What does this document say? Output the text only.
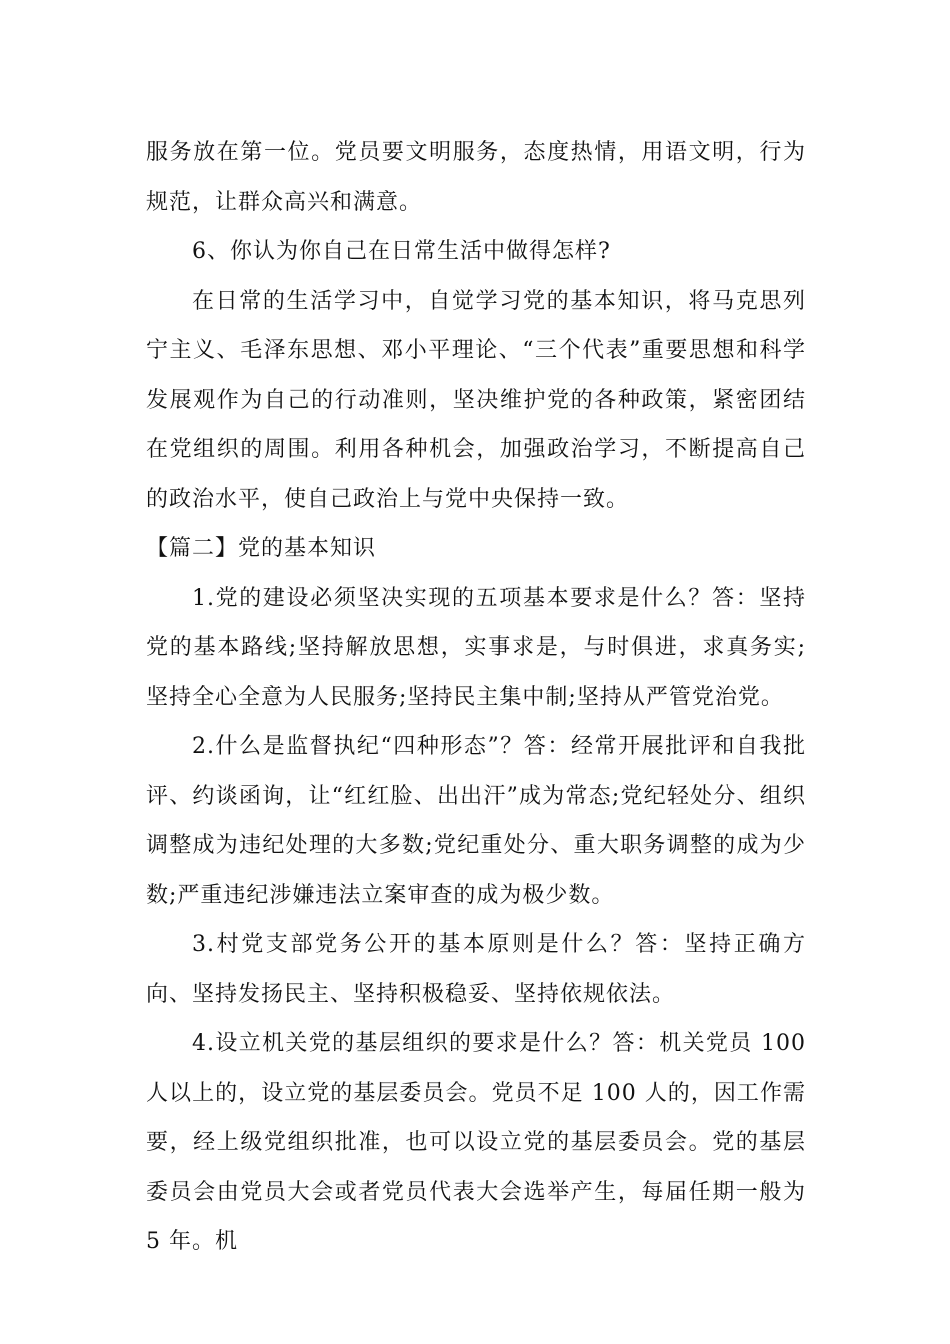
服务放在第一位。党员要文明服务，态度热情，用语文明，行为规范，让群众高兴和满意。

6、你认为你自己在日常生活中做得怎样?

在日常的生活学习中，自觉学习党的基本知识，将马克思列宁主义、毛泽东思想、邓小平理论、“三个代表”重要思想和科学发展观作为自己的行动准则，坚决维护党的各种政策，紧密团结在党组织的周围。利用各种机会，加强政治学习，不断提高自己的政治水平，使自己政治上与党中央保持一致。

【篇二】党的基本知识

1.党的建设必须坚决实现的五项基本要求是什么？答：坚持党的基本路线;坚持解放思想，实事求是，与时俱进，求真务实;坚持全心全意为人民服务;坚持民主集中制;坚持从严管党治党。

2.什么是监督执纪“四种形态”？答：经常开展批评和自我批评、约谈函询，让“红红脸、出出汗”成为常态;党纪轻处分、组织调整成为违纪处理的大多数;党纪重处分、重大职务调整的成为少数;严重违纪涉嫌违法立案审查的成为极少数。

3.村党支部党务公开的基本原则是什么？答：坚持正确方向、坚持发扬民主、坚持积极稳妥、坚持依规依法。

4.设立机关党的基层组织的要求是什么？答：机关党员 100 人以上的，设立党的基层委员会。党员不足 100 人的，因工作需要，经上级党组织批准，也可以设立党的基层委员会。党的基层委员会由党员大会或者党员代表大会选举产生，每届任期一般为 5 年。机
